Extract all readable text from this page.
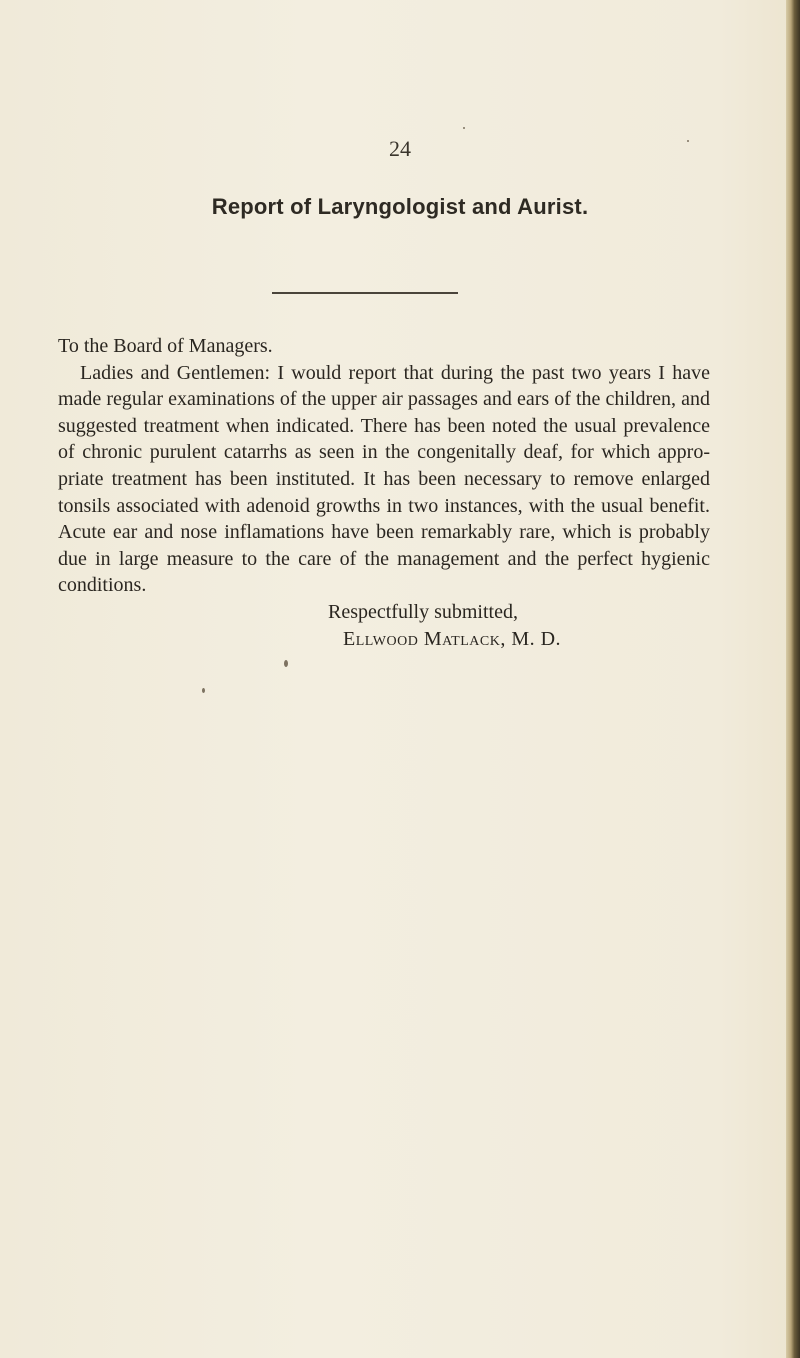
24
Report of Laryngologist and Aurist.

To the Board of Managers.

Ladies and Gentlemen: I would report that during the past two years I have made regular examinations of the upper air passages and ears of the children, and suggested treatment when indicated. There has been noted the usual prevalence of chronic purulent catarrhs as seen in the congenitally deaf, for which appro-priate treatment has been instituted. It has been necessary to remove enlarged tonsils associated with adenoid growths in two instances, with the usual benefit. Acute ear and nose inflamations have been remarkably rare, which is probably due in large measure to the care of the management and the perfect hygienic conditions.

Respectfully submitted,

Ellwood Matlack, M. D.
